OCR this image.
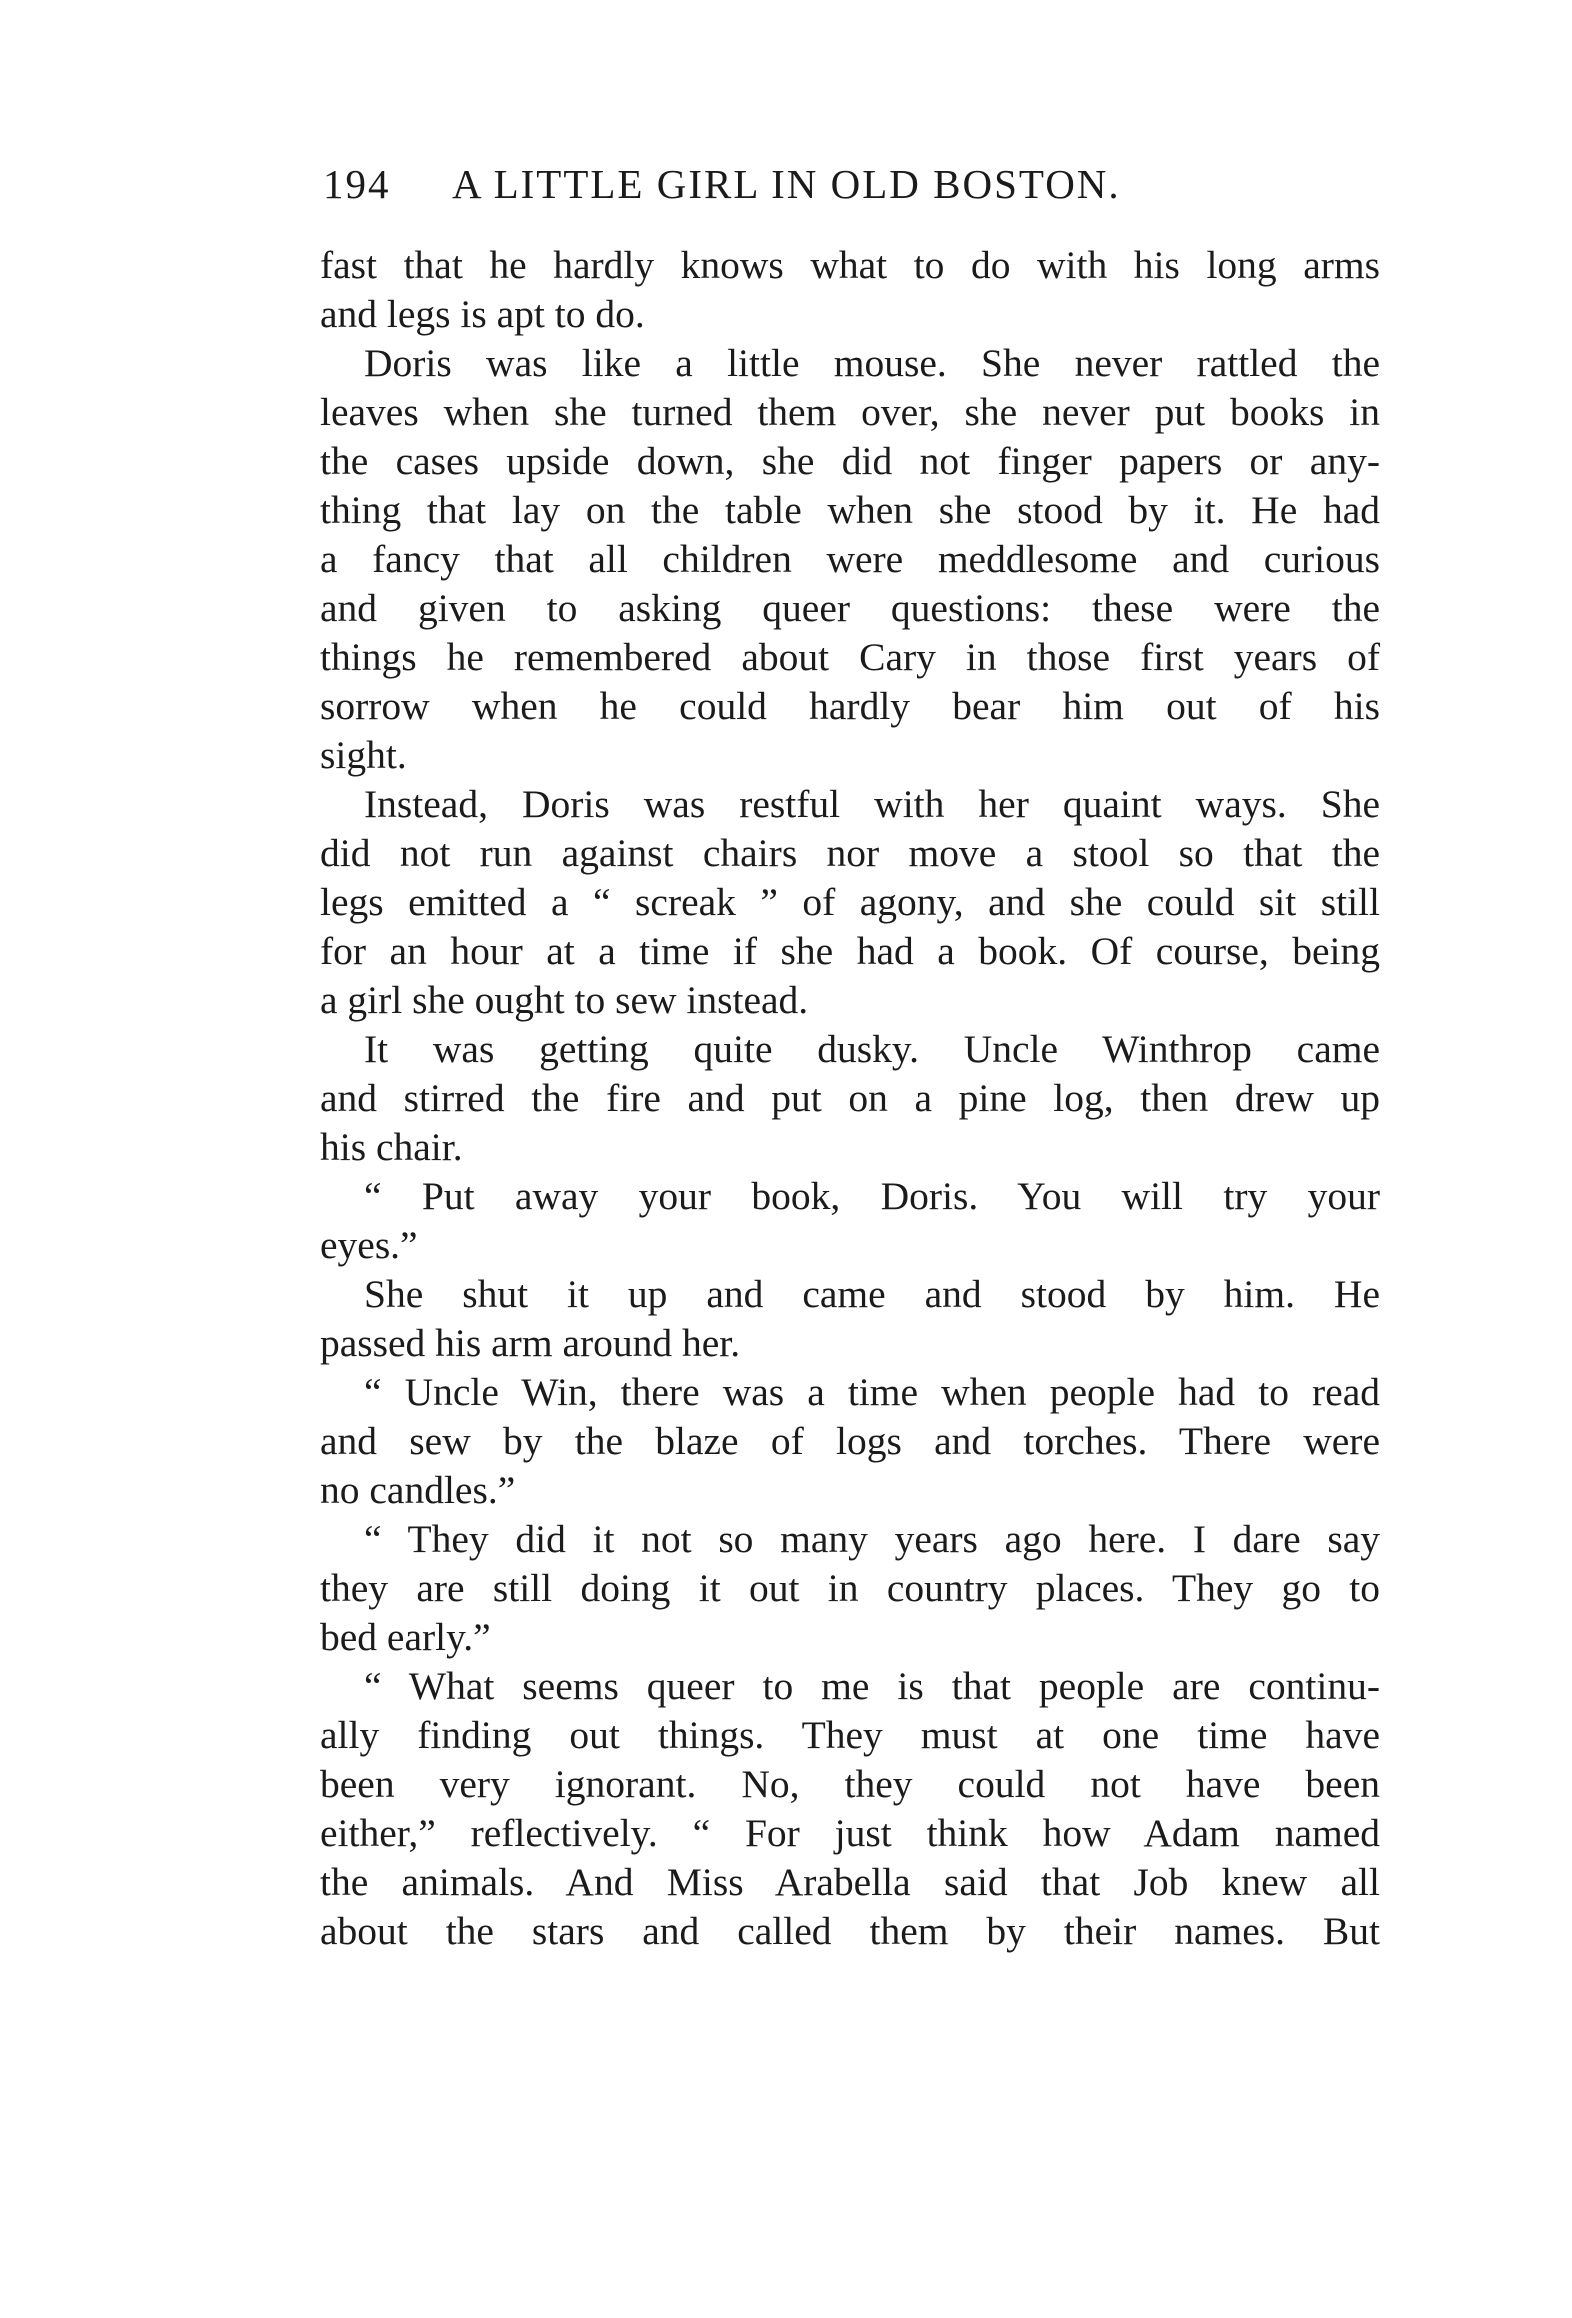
194 A LITTLE GIRL IN OLD BOSTON.
fast that he hardly knows what to do with his long arms
and legs is apt to do.
Doris was like a little mouse. She never rattled the
leaves when she turned them over, she never put books in
the cases upside down, she did not finger papers or any-
thing that lay on the table when she stood by it. He had
a fancy that all children were meddlesome and curious
and given to asking queer questions: these were the
things he remembered about Cary in those first years of
sorrow when he could hardly bear him out of his
sight.
Instead, Doris was restful with her quaint ways. She
did not run against chairs nor move a stool so that the
legs emitted a “ screak ” of agony, and she could sit still
for an hour at a time if she had a book. Of course, being
a girl she ought to sew instead.
It was getting quite dusky. Uncle Winthrop came
and stirred the fire and put on a pine log, then drew up
his chair.
“ Put away your book, Doris. You will try your
eyes.”
She shut it up and came and stood by him. He
passed his arm around her.
“ Uncle Win, there was a time when people had to read
and sew by the blaze of logs and torches. There were
no candles.”
“ They did it not so many years ago here. I dare say
they are still doing it out in country places. They go to
bed early.”
“ What seems queer to me is that people are continu-
ally finding out things. They must at one time have
been very ignorant. No, they could not have been
either,” reflectively. “ For just think how Adam named
the animals. And Miss Arabella said that Job knew all
about the stars and called them by their names. But
